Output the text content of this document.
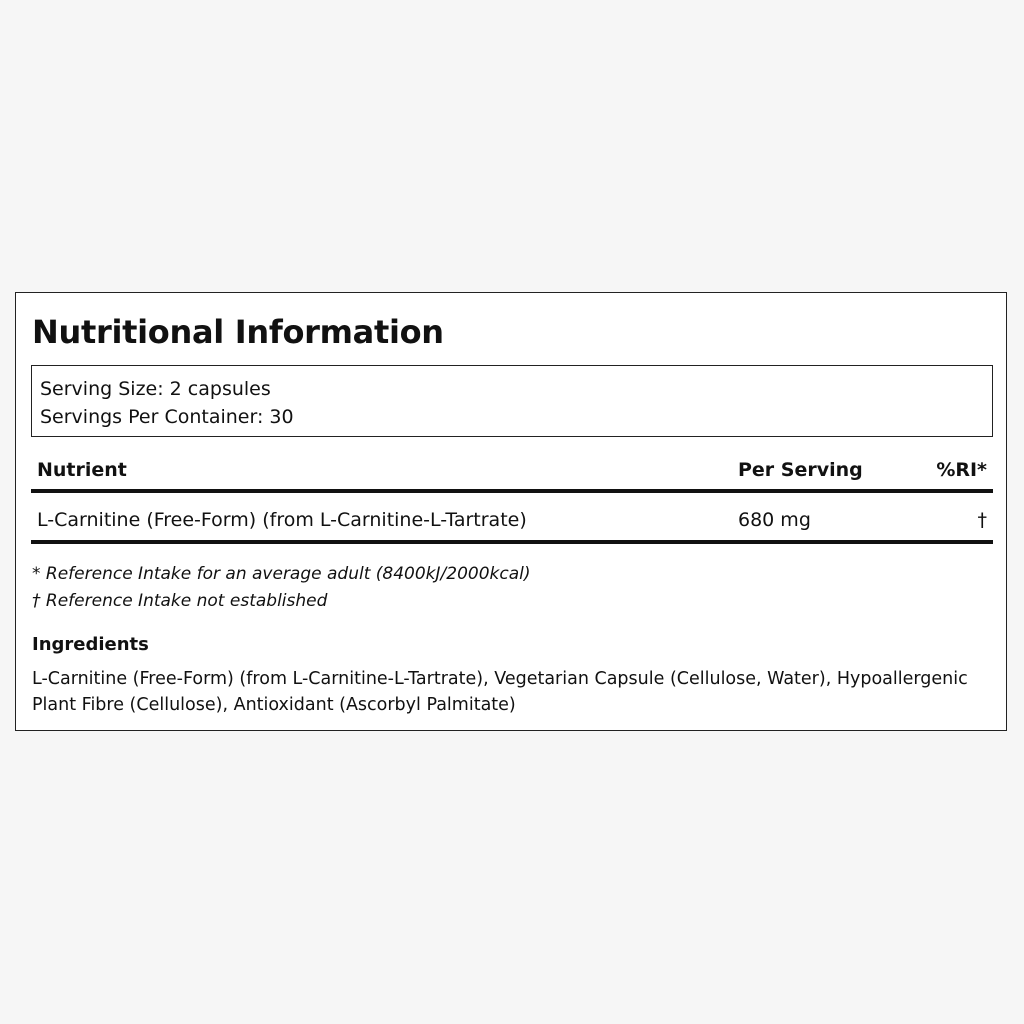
Nutritional Information
Serving Size: 2 capsules
Servings Per Container: 30
Nutrient	Per Serving	%RI*
L-Carnitine (Free-Form) (from L-Carnitine-L-Tartrate)	680 mg	†
* Reference Intake for an average adult (8400kJ/2000kcal)
† Reference Intake not established
Ingredients

L-Carnitine (Free-Form) (from L-Carnitine-L-Tartrate), Vegetarian Capsule (Cellulose, Water), Hypoallergenic Plant Fibre (Cellulose), Antioxidant (Ascorbyl Palmitate)
